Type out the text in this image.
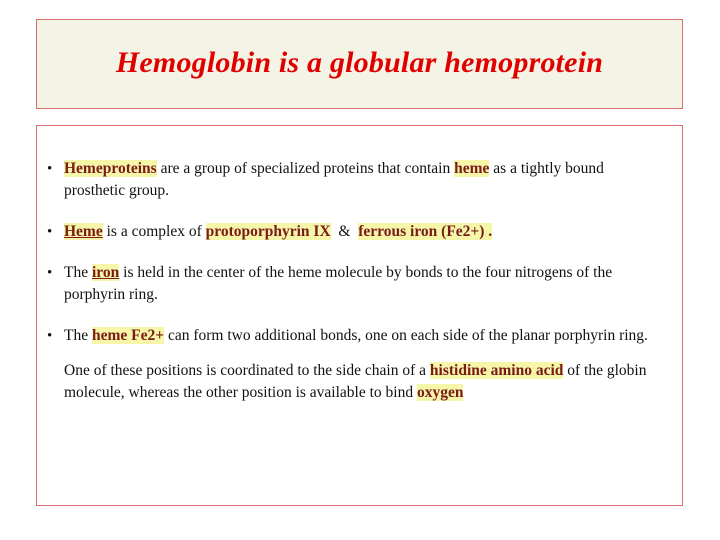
Hemoglobin is a globular hemoprotein
• Hemeproteins are a group of specialized proteins that contain heme as a tightly bound prosthetic group.
• Heme is a complex of protoporphyrin IX  &  ferrous iron (Fe2+) .
• The iron is held in the center of the heme molecule by bonds to the four nitrogens of the porphyrin ring.
• The heme Fe2+ can form two additional bonds, one on each side of the planar porphyrin ring.
One of these positions is coordinated to the side chain of a histidine amino acid of the globin molecule, whereas the other position is available to bind oxygen
